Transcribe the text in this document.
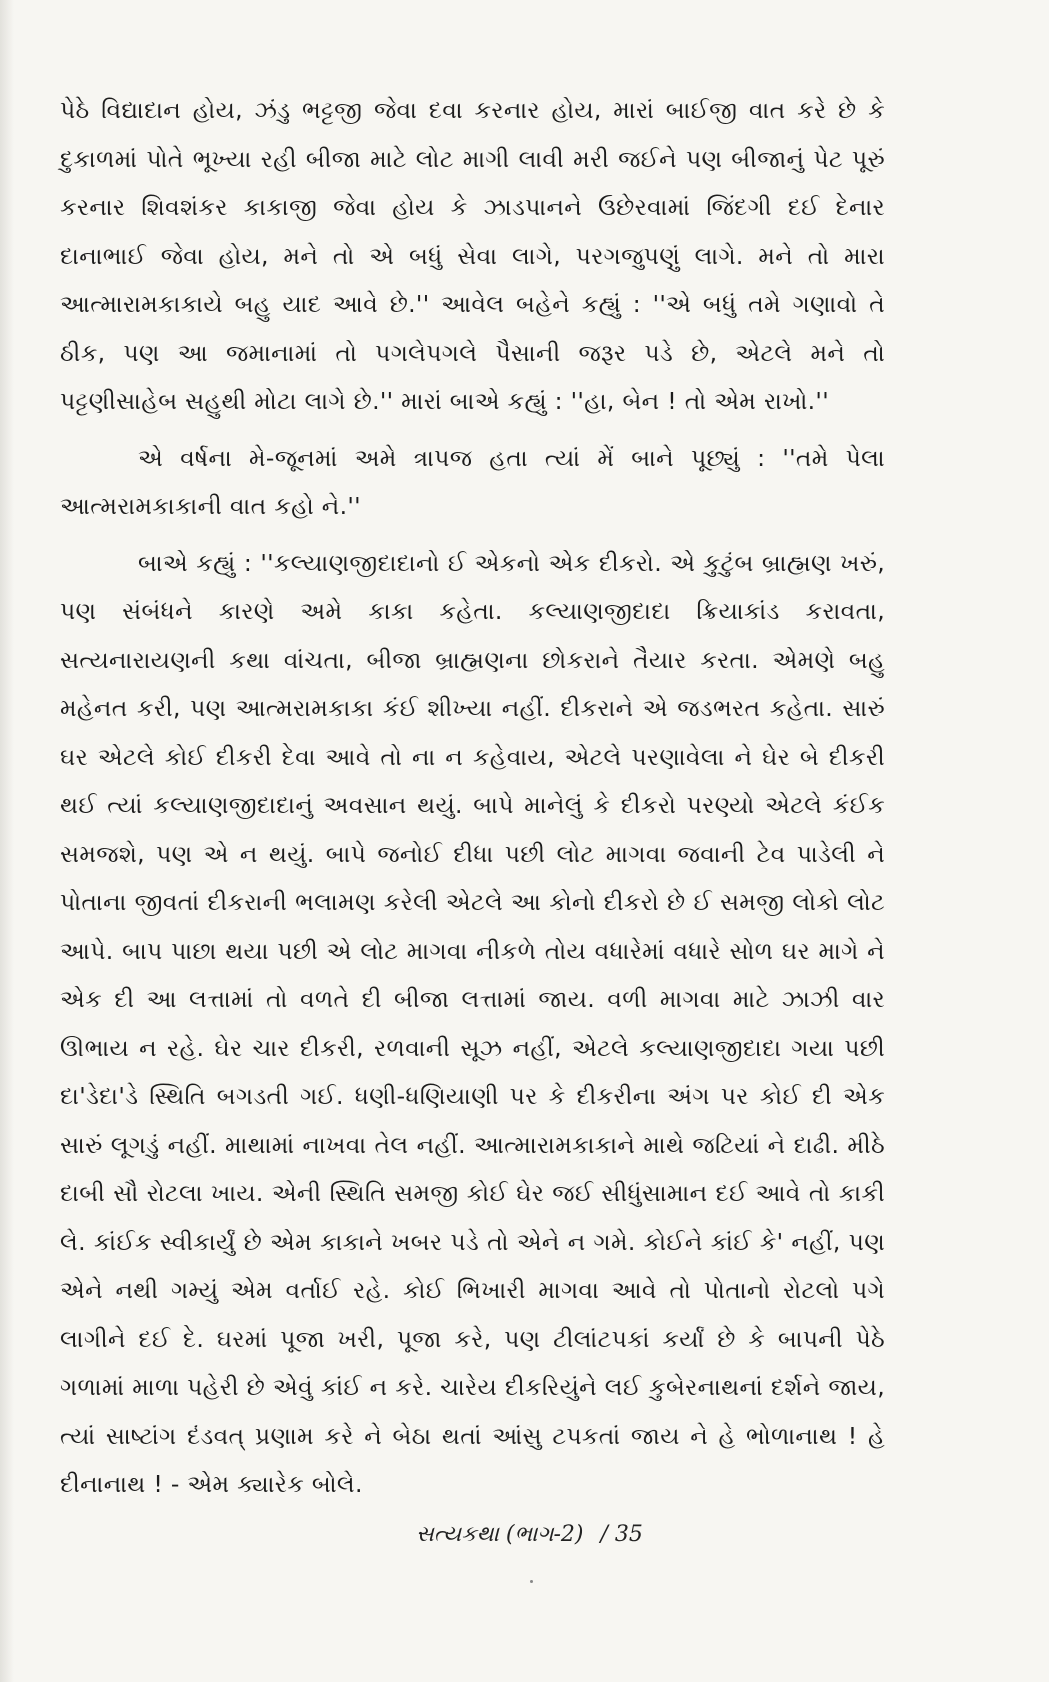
પેઠે વિદ્યાદાન હોય, ઝંડુ ભટ્ટજી જેવા દવા કરનાર હોય, મારાં બાઈજી વાત કરે છે કે દુકાળમાં પોતે ભૂખ્યા રહી બીજા માટે લોટ માગી લાવી મરી જઈને પણ બીજાનું પેટ પૂરું કરનાર શિવશંકર કાકાજી જેવા હોય કે ઝાડપાનને ઉછેરવામાં જિંદગી દઈ દેનાર દાનાભાઈ જેવા હોય, મને તો એ બધું સેવા લાગે, પરગજુપણું લાગે. મને તો મારા આત્મારામકાકાયે બહુ યાદ આવે છે.'' આવેલ બહેને કહ્યું : ''એ બધું તમે ગણાવો તે ઠીક, પણ આ જમાનામાં તો પગલેપગલે પૈસાની જરૂર પડે છે, એટલે મને તો પટ્ટણીસાહેબ સહુથી મોટા લાગે છે.'' મારાં બાએ કહ્યું : ''હા, બેન ! તો એમ રાખો.''

એ વર્ષના મે-જૂનમાં અમે ત્રાપજ હતા ત્યાં મેં બાને પૂછ્યું : ''તમે પેલા આત્મરામકાકાની વાત કહો ને.''

બાએ કહ્યું : ''કલ્યાણજીદાદાનો ઈ એકનો એક દીકરો. એ કુટુંબ બ્રાહ્મણ ખરું, પણ સંબંધને કારણે અમે કાકા કહેતા. કલ્યાણજીદાદા ક્રિયાકાંડ કરાવતા, સત્યનારાયણની કથા વાંચતા, બીજા બ્રાહ્મણના છોકરાને તૈયાર કરતા. એમણે બહુ મહેનત કરી, પણ આત્મરામકાકા કંઈ શીખ્યા નહીં. દીકરાને એ જડભરત કહેતા. સારું ઘર એટલે કોઈ દીકરી દેવા આવે તો ના ન કહેવાય, એટલે પરણાવેલા ને ઘેર બે દીકરી થઈ ત્યાં કલ્યાણજીદાદાનું અવસાન થયું. બાપે માનેલું કે દીકરો પરણ્યો એટલે કંઈક સમજશે, પણ એ ન થયું. બાપે જનોઈ દીધા પછી લોટ માગવા જવાની ટેવ પાડેલી ને પોતાના જીવતાં દીકરાની ભલામણ કરેલી એટલે આ કોનો દીકરો છે ઈ સમજી લોકો લોટ આપે. બાપ પાછા થયા પછી એ લોટ માગવા નીકળે તોય વધારેમાં વધારે સોળ ઘર માગે ને એક દી આ લત્તામાં તો વળતે દી બીજા લત્તામાં જાય. વળી માગવા માટે ઝાઝી વાર ઊભાય ન રહે. ઘેર ચાર દીકરી, રળવાની સૂઝ નહીં, એટલે કલ્યાણજીદાદા ગયા પછી દા'ડેદા'ડે સ્થિતિ બગડતી ગઈ. ધણી-ધણિયાણી પર કે દીકરીના અંગ પર કોઈ દી એક સારું લૂગડું નહીં. માથામાં નાખવા તેલ નહીં. આત્મારામકાકાને માથે જટિયાં ને દાઢી. મીઠે દાબી સૌ રોટલા ખાય. એની સ્થિતિ સમજી કોઈ ઘેર જઈ સીધુંસામાન દઈ આવે તો કાકી લે. કાંઈક સ્વીકાર્યું છે એમ કાકાને ખબર પડે તો એને ન ગમે. કોઈને કાંઈ કે' નહીં, પણ એને નથી ગમ્યું એમ વર્તાઈ રહે. કોઈ ભિખારી માગવા આવે તો પોતાનો રોટલો પગે લાગીને દઈ દે. ઘરમાં પૂજા ખરી, પૂજા કરે, પણ ટીલાંટપકાં કર્યાં છે કે બાપની પેઠે ગળામાં માળા પહેરી છે એવું કાંઈ ન કરે. ચારેય દીકરિયુંને લઈ કુબેરનાથનાં દર્શને જાય, ત્યાં સાષ્ટાંગ દંડવત્ પ્રણામ કરે ને બેઠા થતાં આંસુ ટપકતાં જાય ને હે ભોળાનાથ ! હે દીનાનાથ ! - એમ ક્યારેક બોલે.

સત્યકથા (ભાગ-2) / 35
